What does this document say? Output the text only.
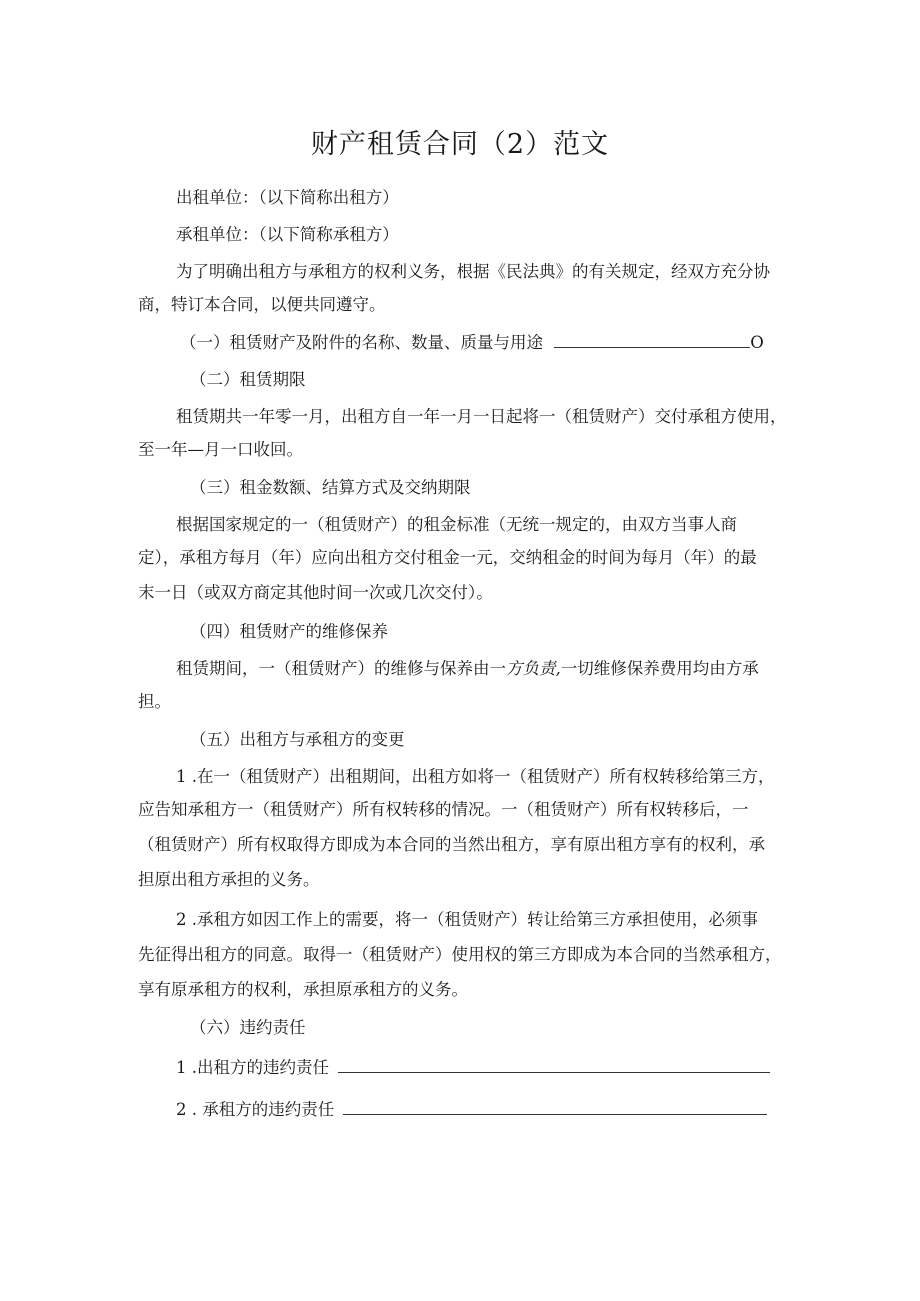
财产租赁合同（2）范文
出租单位：（以下简称出租方）
承租单位：（以下简称承租方）
为了明确出租方与承租方的权利义务，根据《民法典》的有关规定，经双方充分协
商，特订本合同，以便共同遵守。
（一）租赁财产及附件的名称、数量、质量与用途	O
（二）租赁期限
租赁期共一年零一月，出租方自一年一月一日起将一（租赁财产）交付承租方使用，
至一年—月一口收回。
（三）租金数额、结算方式及交纳期限
根据国家规定的一（租赁财产）的租金标准（无统一规定的，由双方当事人商
定），承租方每月（年）应向出租方交付租金一元，交纳租金的时间为每月（年）的最
末一日（或双方商定其他时间一次或几次交付）。
（四）租赁财产的维修保养
租赁期间，一（租赁财产）的维修与保养由一方负责,一切维修保养费用均由方承
担。
（五）出租方与承租方的变更
1 .在一（租赁财产）出租期间，出租方如将一（租赁财产）所有权转移给第三方，
应告知承租方一（租赁财产）所有权转移的情况。一（租赁财产）所有权转移后，一
（租赁财产）所有权取得方即成为本合同的当然出租方，享有原出租方享有的权利，承
担原出租方承担的义务。
2 .承租方如因工作上的需要，将一（租赁财产）转让给第三方承担使用，必须事
先征得出租方的同意。取得一（租赁财产）使用权的第三方即成为本合同的当然承租方，
享有原承租方的权利，承担原承租方的义务。
（六）违约责任
1 .出租方的违约责任
2 . 承租方的违约责任
